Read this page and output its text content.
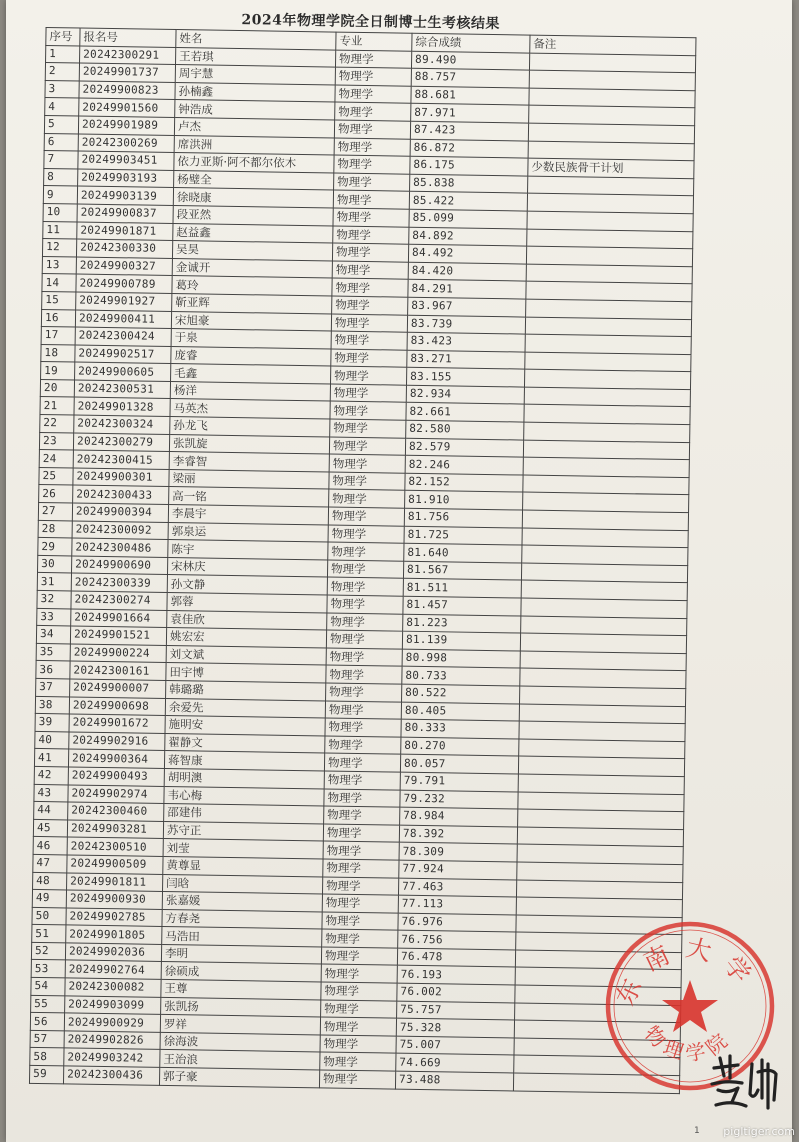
2024年物理学院全日制博士生考核结果
序号	报名号	姓名	专业	综合成绩	备注
1	20242300291	王若琪	物理学	89.490	
2	20249901737	周宇慧	物理学	88.757	
3	20249900823	孙楠鑫	物理学	88.681	
4	20249901560	钟浩成	物理学	87.971	
5	20249901989	卢杰	物理学	87.423	
6	20242300269	席洪洲	物理学	86.872	
7	20249903451	依力亚斯·阿不都尔依木	物理学	86.175	少数民族骨干计划
8	20249903193	杨璧全	物理学	85.838	
9	20249903139	徐晓康	物理学	85.422	
10	20249900837	段亚然	物理学	85.099	
11	20249901871	赵益鑫	物理学	84.892	
12	20242300330	吴昊	物理学	84.492	
13	20249900327	金诚开	物理学	84.420	
14	20249900789	葛玲	物理学	84.291	
15	20249901927	靳亚辉	物理学	83.967	
16	20249900411	宋旭豪	物理学	83.739	
17	20242300424	于泉	物理学	83.423	
18	20249902517	庞睿	物理学	83.271	
19	20249900605	毛鑫	物理学	83.155	
20	20242300531	杨洋	物理学	82.934	
21	20249901328	马英杰	物理学	82.661	
22	20242300324	孙龙飞	物理学	82.580	
23	20242300279	张凯旋	物理学	82.579	
24	20242300415	李睿智	物理学	82.246	
25	20249900301	梁丽	物理学	82.152	
26	20242300433	高一铭	物理学	81.910	
27	20249900394	李晨宇	物理学	81.756	
28	20242300092	郭泉运	物理学	81.725	
29	20242300486	陈宇	物理学	81.640	
30	20249900690	宋林庆	物理学	81.567	
31	20242300339	孙文静	物理学	81.511	
32	20242300274	郭蓉	物理学	81.457	
33	20249901664	袁佳欣	物理学	81.223	
34	20249901521	姚宏宏	物理学	81.139	
35	20249900224	刘文斌	物理学	80.998	
36	20242300161	田宇博	物理学	80.733	
37	20249900007	韩璐璐	物理学	80.522	
38	20249900698	余爱先	物理学	80.405	
39	20249901672	施明安	物理学	80.333	
40	20249902916	翟静文	物理学	80.270	
41	20249900364	蒋智康	物理学	80.057	
42	20249900493	胡明澳	物理学	79.791	
43	20249902974	韦心梅	物理学	79.232	
44	20242300460	邵建伟	物理学	78.984	
45	20249903281	苏守正	物理学	78.392	
46	20242300510	刘莹	物理学	78.309	
47	20249900509	黄尊显	物理学	77.924	
48	20249901811	闫晗	物理学	77.463	
49	20249900930	张嘉媛	物理学	77.113	
50	20249902785	方春尧	物理学	76.976	
51	20249901805	马浩田	物理学	76.756	
52	20249902036	李明	物理学	76.478	
53	20249902764	徐硕成	物理学	76.193	
54	20242300082	王尊	物理学	76.002	
55	20249903099	张凯扬	物理学	75.757	
56	20249900929	罗祥	物理学	75.328	
57	20249902826	徐海波	物理学	75.007	
58	20249903242	王治浪	物理学	74.669	
59	20242300436	郭子豪	物理学	73.488	
东南大学
物理学院
1 pigltiger.com
